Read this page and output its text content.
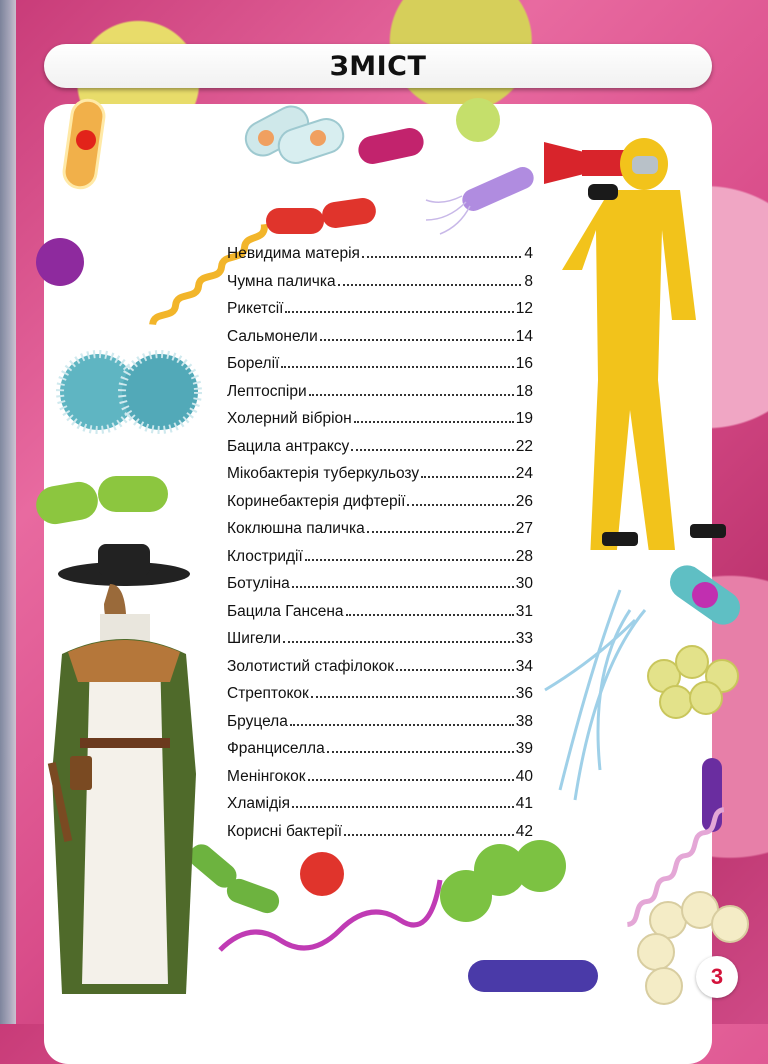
ЗМІСТ
Невидима матерія	4
Чумна паличка	8
Рикетсії	12
Сальмонели	14
Борелії	16
Лептоспіри	18
Холерний вібріон	19
Бацила антраксу	22
Мікобактерія туберкульозу	24
Коринебактерія дифтерії	26
Коклюшна паличка	27
Клостридії	28
Ботуліна	30
Бацила Гансена	31
Шигели	33
Золотистий стафілокок	34
Стрептокок	36
Бруцела	38
Франциселла	39
Менінгокок	40
Хламідія	41
Корисні бактерії	42
3
